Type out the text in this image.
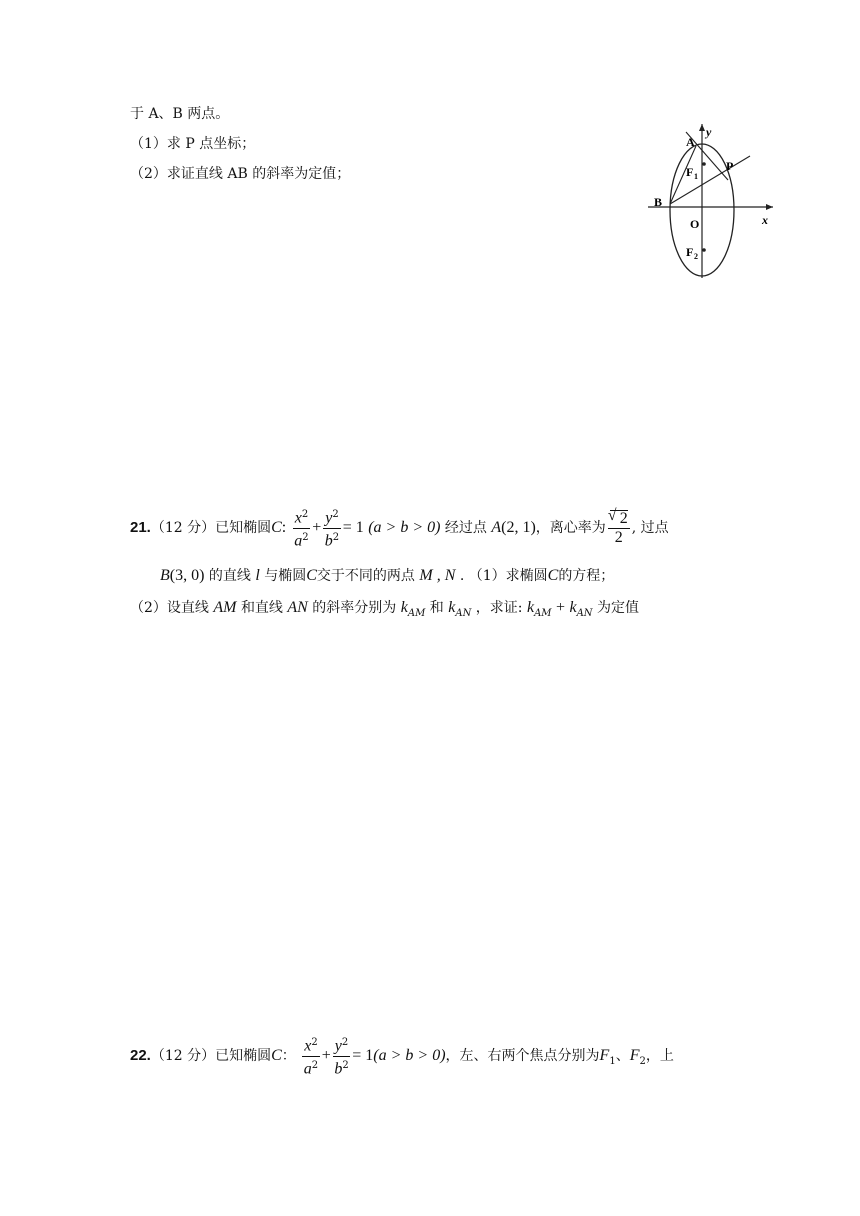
于 A、B 两点。
（1）求 P 点坐标；
（2）求证直线 AB 的斜率为定值；
A
y
P
F 1
B
O	x
F 2
21.（12 分）已知椭圆C: $\frac{x^2}{a^2} + \frac{y^2}{b^2} = 1$ (a > b > 0) 经过点 A(2, 1)，离心率为
√ $\frac{2}{2}$ , 过点
B(3, 0) 的直线 l 与椭圆C交于不同的两点 M , N . （1）求椭圆C的方程；
（2）设直线 AM 和直线 AN 的斜率分别为 $k_{AM}$ 和 $k_{AN}$ ，求证: $k_{AM} + k_{AN}$ 为定值
22.（12 分）已知椭圆C： $\frac{x^2}{a^2} + \frac{y^2}{b^2} = 1(a > b > 0)$，左、右两个焦点分别为$F_1$、$F_2$，上
